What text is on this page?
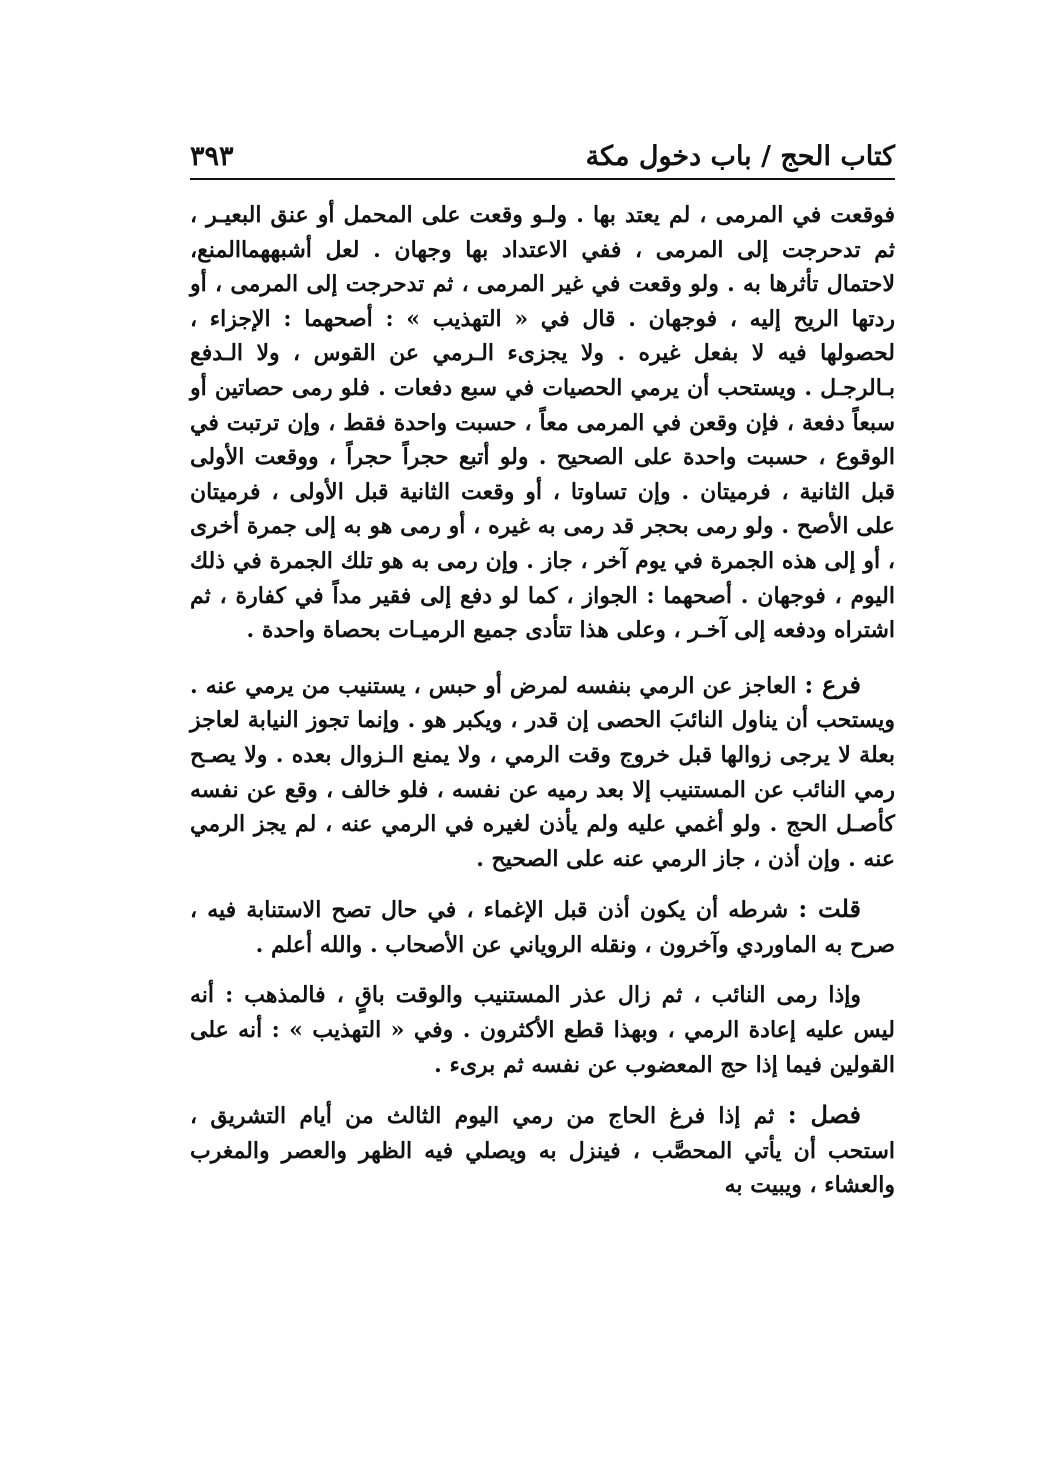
كتاب الحج / باب دخول مكة
٣٩٣

فوقعت في المرمى ، لم يعتد بها . ولـو وقعت على المحمل أو عنق البعيـر ، ثم تدحرجت إلى المرمى ، ففي الاعتداد بها وجهان . لعل أشبههماالمنع، لاحتمال تأثرها به . ولو وقعت في غير المرمى ، ثم تدحرجت إلى المرمى ، أو ردتها الريح إليه ، فوجهان . قال في « التهذيب » : أصحهما : الإجزاء ، لحصولها فيه لا بفعل غيره . ولا يجزىء الـرمي عن القوس ، ولا الـدفع بـالرجـل . ويستحب أن يرمي الحصيات في سبع دفعات . فلو رمى حصاتين أو سبعاً دفعة ، فإن وقعن في المرمى معاً ، حسبت واحدة فقط ، وإن ترتبت في الوقوع ، حسبت واحدة على الصحيح . ولو أتبع حجراً حجراً ، ووقعت الأولى قبل الثانية ، فرميتان . وإن تساوتا ، أو وقعت الثانية قبل الأولى ، فرميتان على الأصح . ولو رمى بحجر قد رمى به غيره ، أو رمى هو به إلى جمرة أخرى ، أو إلى هذه الجمرة في يوم آخر ، جاز . وإن رمى به هو تلك الجمرة في ذلك اليوم ، فوجهان . أصحهما : الجواز ، كما لو دفع إلى فقير مداً في كفارة ، ثم اشتراه ودفعه إلى آخـر ، وعلى هذا تتأدى جميع الرميـات بحصاة واحدة .

فرع : العاجز عن الرمي بنفسه لمرض أو حبس ، يستنيب من يرمي عنه . ويستحب أن يناول النائبَ الحصى إن قدر ، ويكبر هو . وإنما تجوز النيابة لعاجز بعلة لا يرجى زوالها قبل خروج وقت الرمي ، ولا يمنع الـزوال بعده . ولا يصـح رمي النائب عن المستنيب إلا بعد رميه عن نفسه ، فلو خالف ، وقع عن نفسه كأصـل الحج . ولو أغمي عليه ولم يأذن لغيره في الرمي عنه ، لم يجز الرمي عنه . وإن أذن ، جاز الرمي عنه على الصحيح .

قلت : شرطه أن يكون أذن قبل الإغماء ، في حال تصح الاستنابة فيه ، صرح به الماوردي وآخرون ، ونقله الروياني عن الأصحاب . والله أعلم .

وإذا رمى النائب ، ثم زال عذر المستنيب والوقت باقٍ ، فالمذهب : أنه ليس عليه إعادة الرمي ، وبهذا قطع الأكثرون . وفي « التهذيب » : أنه على القولين فيما إذا حج المعضوب عن نفسه ثم برىء .

فصل : ثم إذا فرغ الحاج من رمي اليوم الثالث من أيام التشريق ، استحب أن يأتي المحصَّب ، فينزل به ويصلي فيه الظهر والعصر والمغرب والعشاء ، ويبيت به
